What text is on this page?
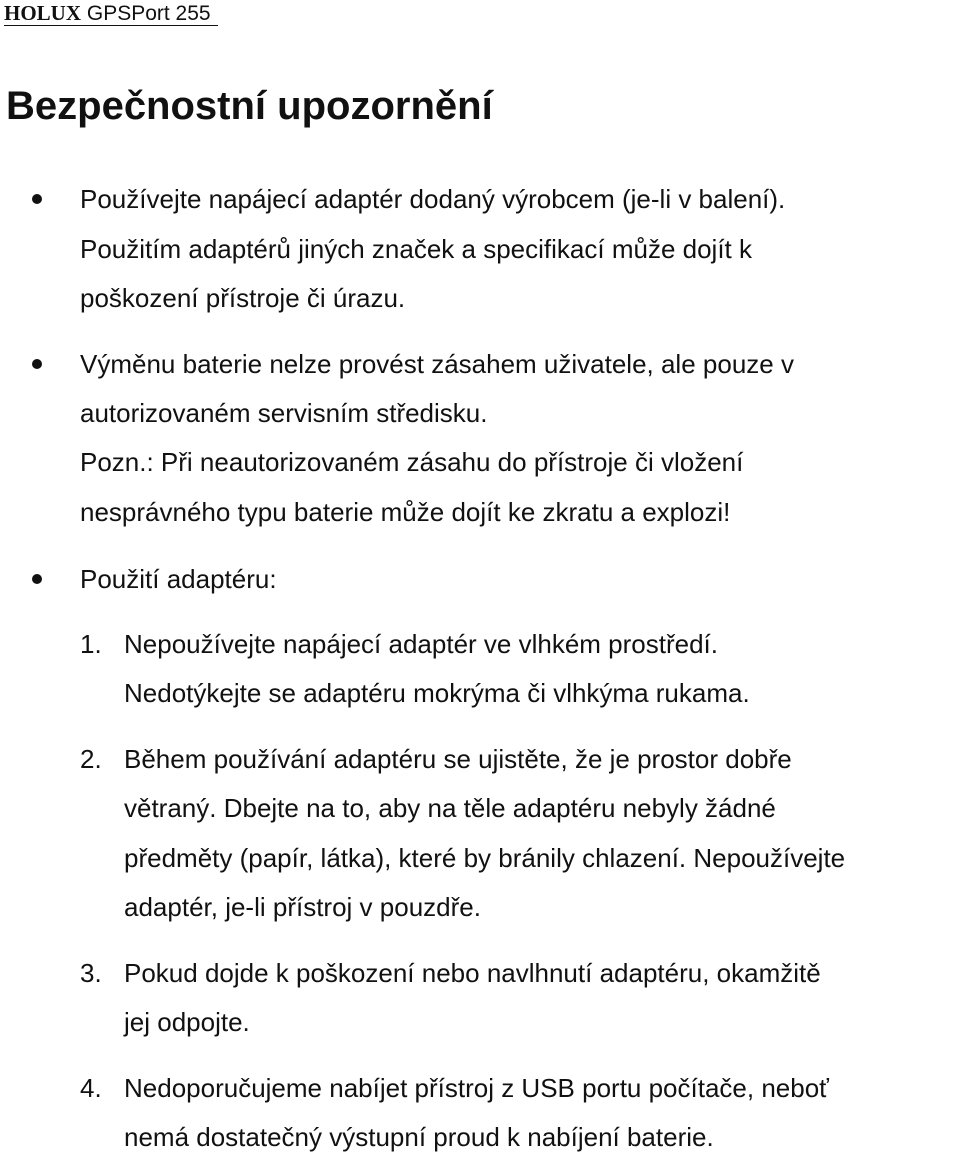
HOLUX GPSPort 255
Bezpečnostní upozornění

Používejte napájecí adaptér dodaný výrobcem (je-li v balení).

Použitím adaptérů jiných značek a specifikací může dojít k

poškození přístroje či úrazu.

Výměnu baterie nelze provést zásahem uživatele, ale pouze v

autorizovaném servisním středisku.

Pozn.: Při neautorizovaném zásahu do přístroje či vložení

nesprávného typu baterie může dojít ke zkratu a explozi!

Použití adaptéru:

1. Nepoužívejte napájecí adaptér ve vlhkém prostředí.

Nedotýkejte se adaptéru mokrýma či vlhkýma rukama.

2. Během používání adaptéru se ujistěte, že je prostor dobře

větraný. Dbejte na to, aby na těle adaptéru nebyly žádné

předměty (papír, látka), které by bránily chlazení. Nepoužívejte

adaptér, je-li přístroj v pouzdře.

3. Pokud dojde k poškození nebo navlhnutí adaptéru, okamžitě

jej odpojte.

4. Nedoporučujeme nabíjet přístroj z USB portu počítače, neboť

nemá dostatečný výstupní proud k nabíjení baterie.
